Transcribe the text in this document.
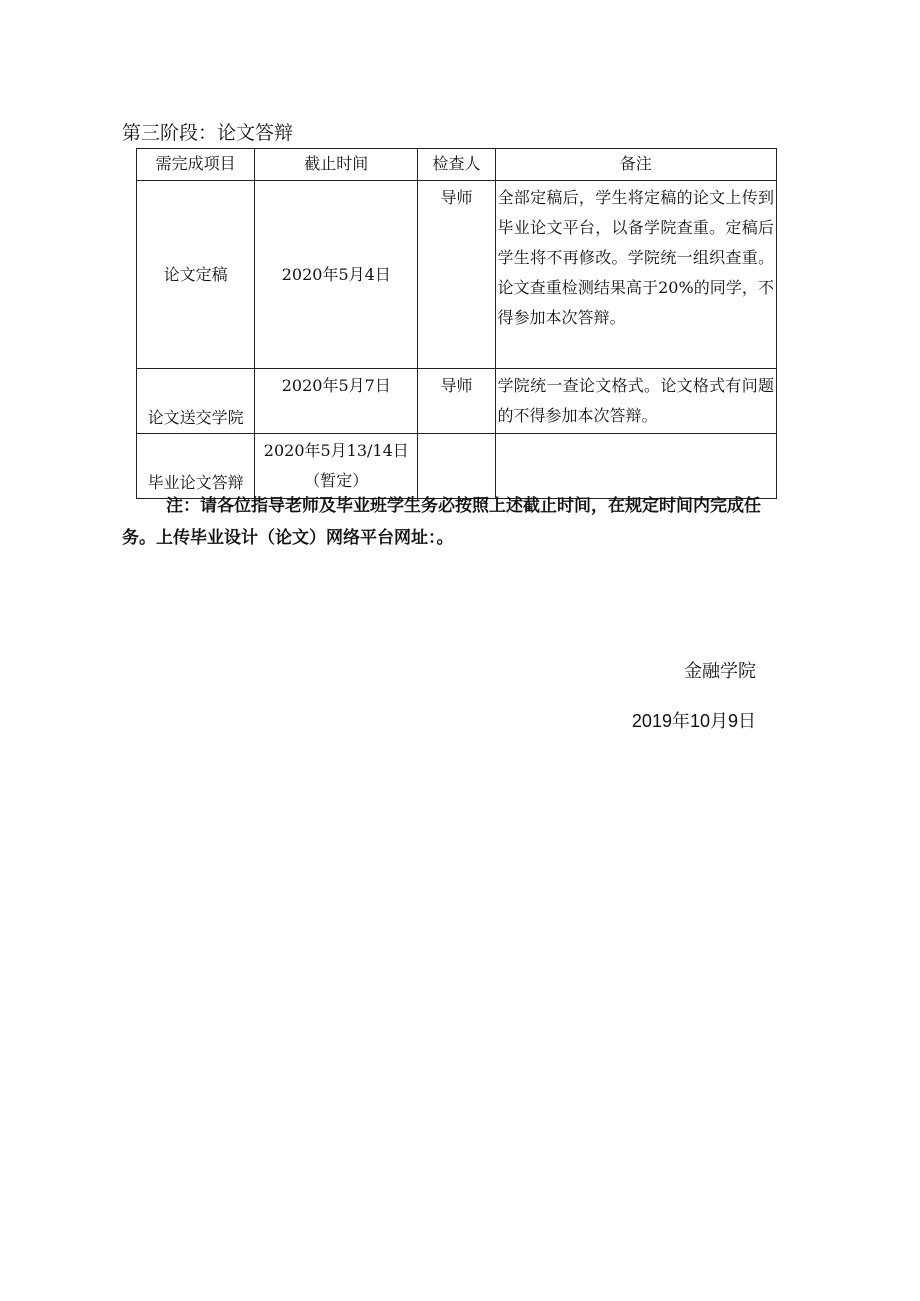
第三阶段：论文答辩
需完成项目	截止时间	检查人	备注
论文定稿	2020年5月4日	导师	全部定稿后，学生将定稿的论文上传到毕业论文平台，以备学院查重。定稿后学生将不再修改。学院统一组织查重。论文查重检测结果高于20%的同学，不得参加本次答辩。
论文送交学院	2020年5月7日	导师	学院统一查论文格式。论文格式有问题的不得参加本次答辩。
毕业论文答辩	2020年5月13/14日（暂定）		
注：请各位指导老师及毕业班学生务必按照上述截止时间，在规定时间内完成任务。上传毕业设计（论文）网络平台网址：。
金融学院
2019年10月9日
